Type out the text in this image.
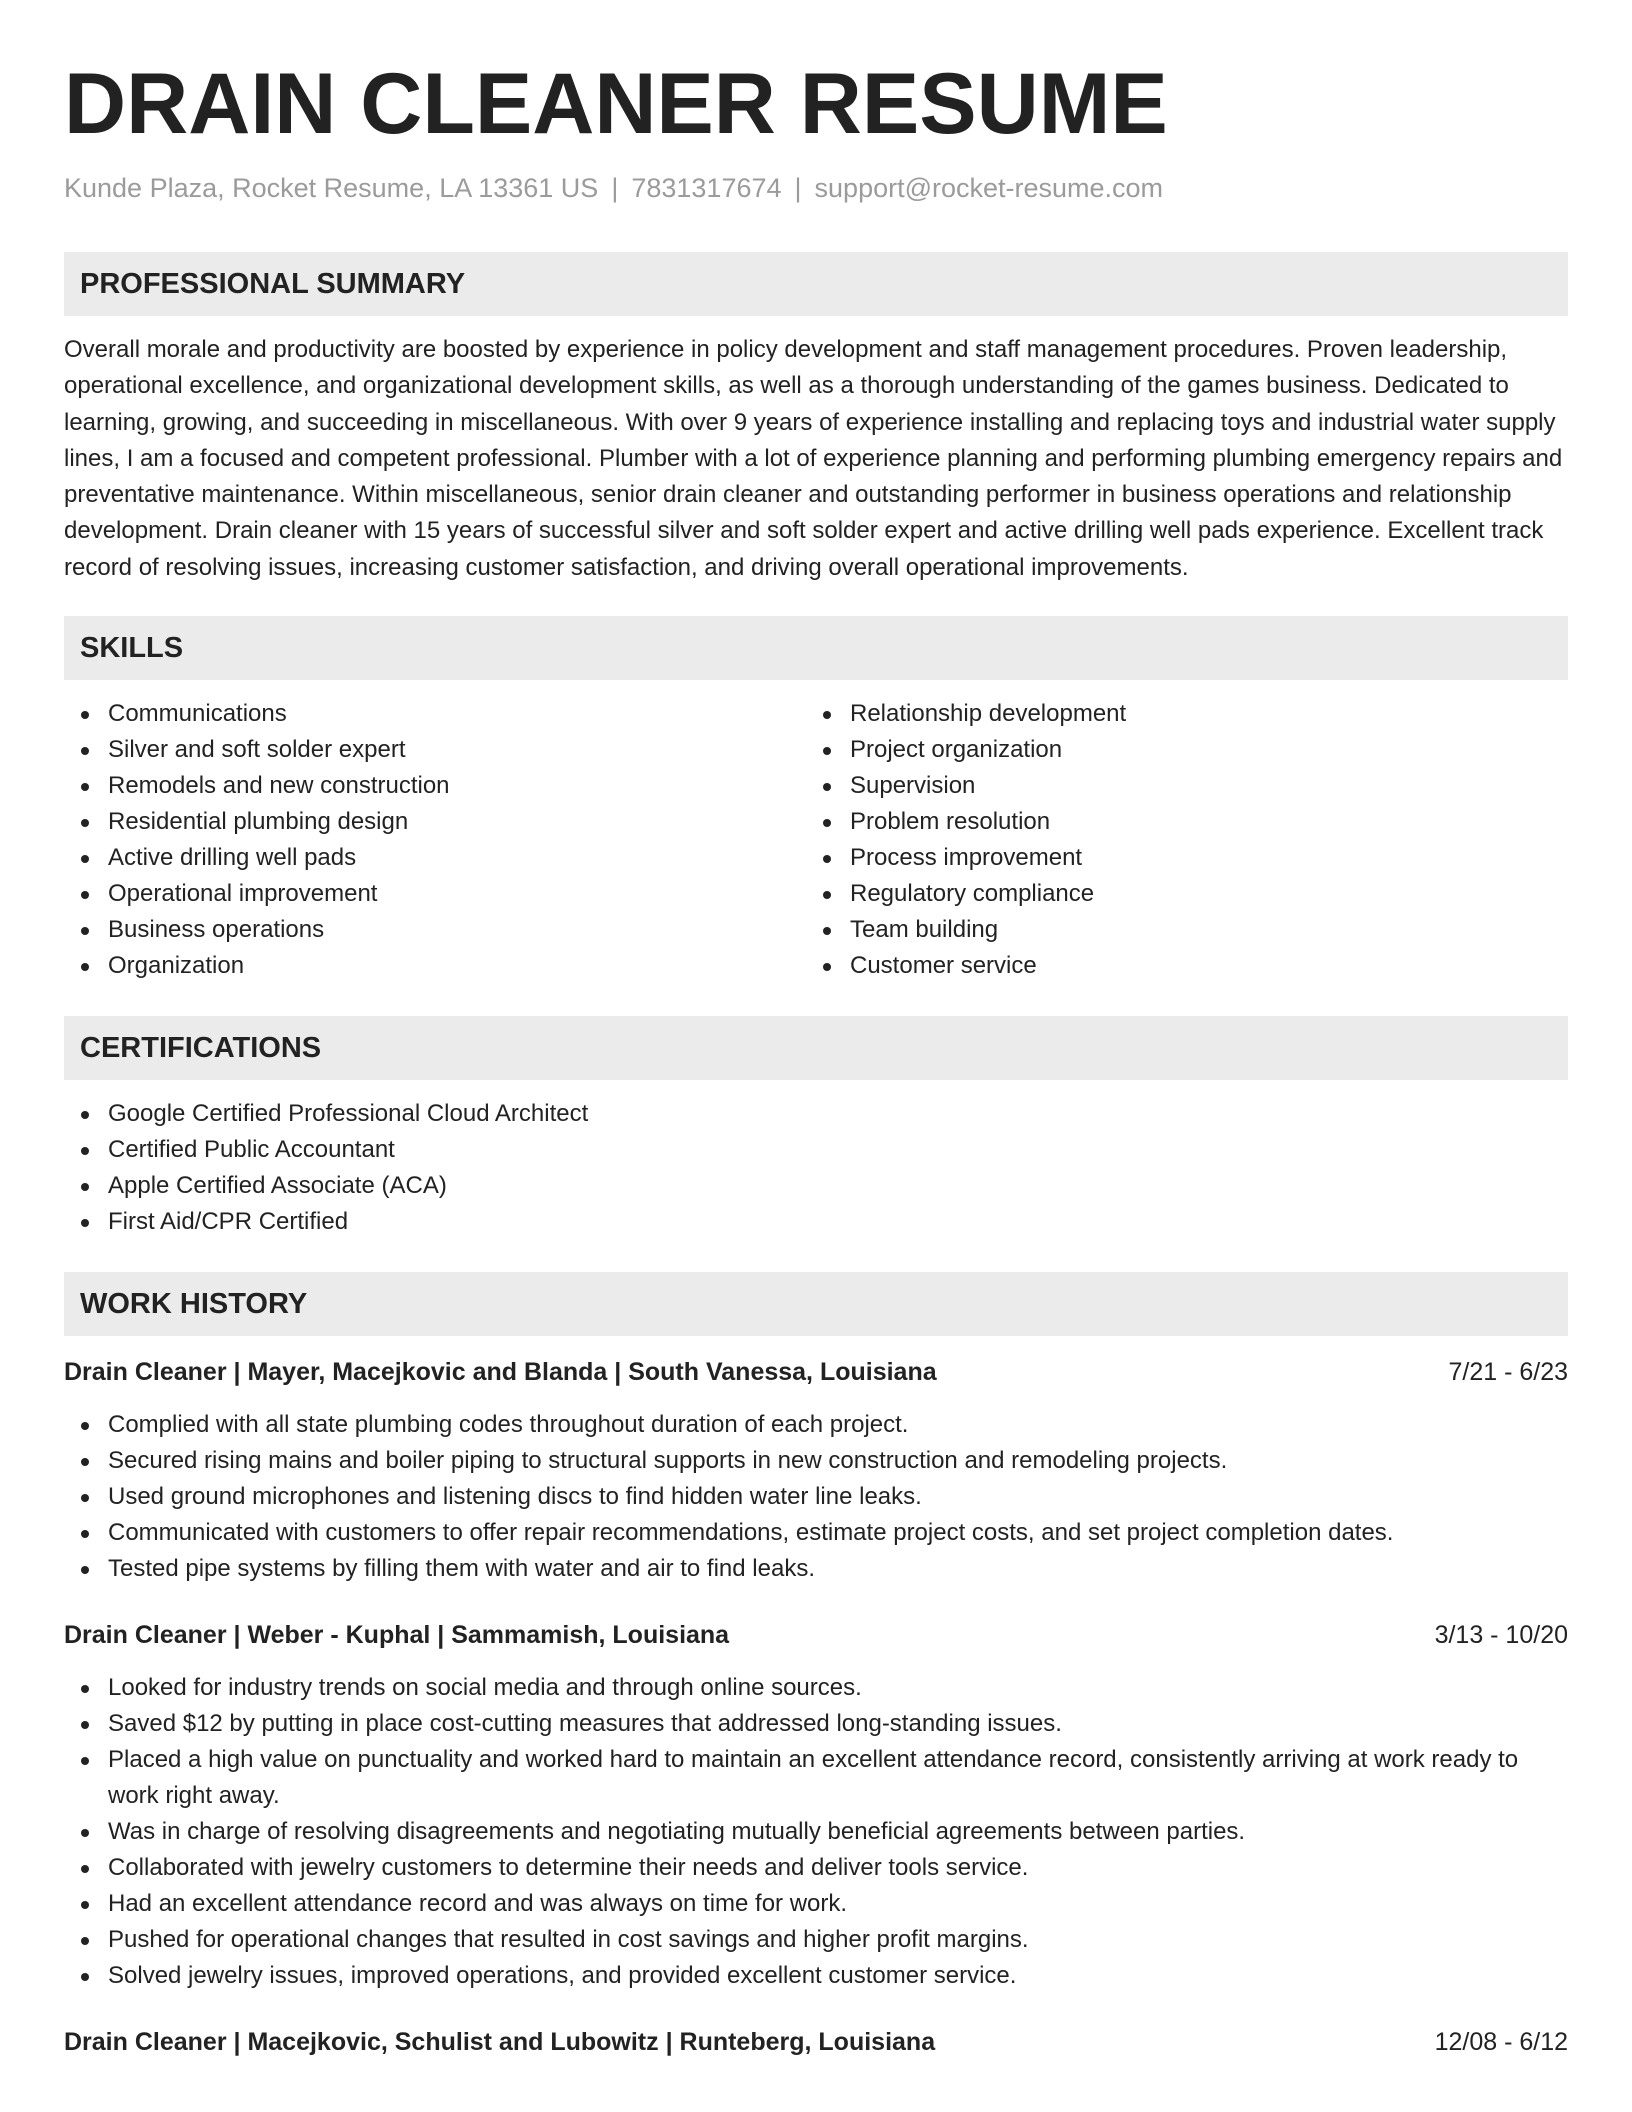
DRAIN CLEANER RESUME
Kunde Plaza, Rocket Resume, LA 13361 US | 7831317674 | support@rocket-resume.com
PROFESSIONAL SUMMARY

Overall morale and productivity are boosted by experience in policy development and staff management procedures. Proven leadership, operational excellence, and organizational development skills, as well as a thorough understanding of the games business. Dedicated to learning, growing, and succeeding in miscellaneous. With over 9 years of experience installing and replacing toys and industrial water supply lines, I am a focused and competent professional. Plumber with a lot of experience planning and performing plumbing emergency repairs and preventative maintenance. Within miscellaneous, senior drain cleaner and outstanding performer in business operations and relationship development. Drain cleaner with 15 years of successful silver and soft solder expert and active drilling well pads experience. Excellent track record of resolving issues, increasing customer satisfaction, and driving overall operational improvements.

SKILLS
Communications
Silver and soft solder expert
Remodels and new construction
Residential plumbing design
Active drilling well pads
Operational improvement
Business operations
Organization
Relationship development
Project organization
Supervision
Problem resolution
Process improvement
Regulatory compliance
Team building
Customer service
CERTIFICATIONS
Google Certified Professional Cloud Architect
Certified Public Accountant
Apple Certified Associate (ACA)
First Aid/CPR Certified
WORK HISTORY
Drain Cleaner | Mayer, Macejkovic and Blanda | South Vanessa, Louisiana	7/21 - 6/23
Complied with all state plumbing codes throughout duration of each project.
Secured rising mains and boiler piping to structural supports in new construction and remodeling projects.
Used ground microphones and listening discs to find hidden water line leaks.
Communicated with customers to offer repair recommendations, estimate project costs, and set project completion dates.
Tested pipe systems by filling them with water and air to find leaks.
Drain Cleaner | Weber - Kuphal | Sammamish, Louisiana	3/13 - 10/20
Looked for industry trends on social media and through online sources.
Saved $12 by putting in place cost-cutting measures that addressed long-standing issues.
Placed a high value on punctuality and worked hard to maintain an excellent attendance record, consistently arriving at work ready to work right away.
Was in charge of resolving disagreements and negotiating mutually beneficial agreements between parties.
Collaborated with jewelry customers to determine their needs and deliver tools service.
Had an excellent attendance record and was always on time for work.
Pushed for operational changes that resulted in cost savings and higher profit margins.
Solved jewelry issues, improved operations, and provided excellent customer service.
Drain Cleaner | Macejkovic, Schulist and Lubowitz | Runteberg, Louisiana	12/08 - 6/12
